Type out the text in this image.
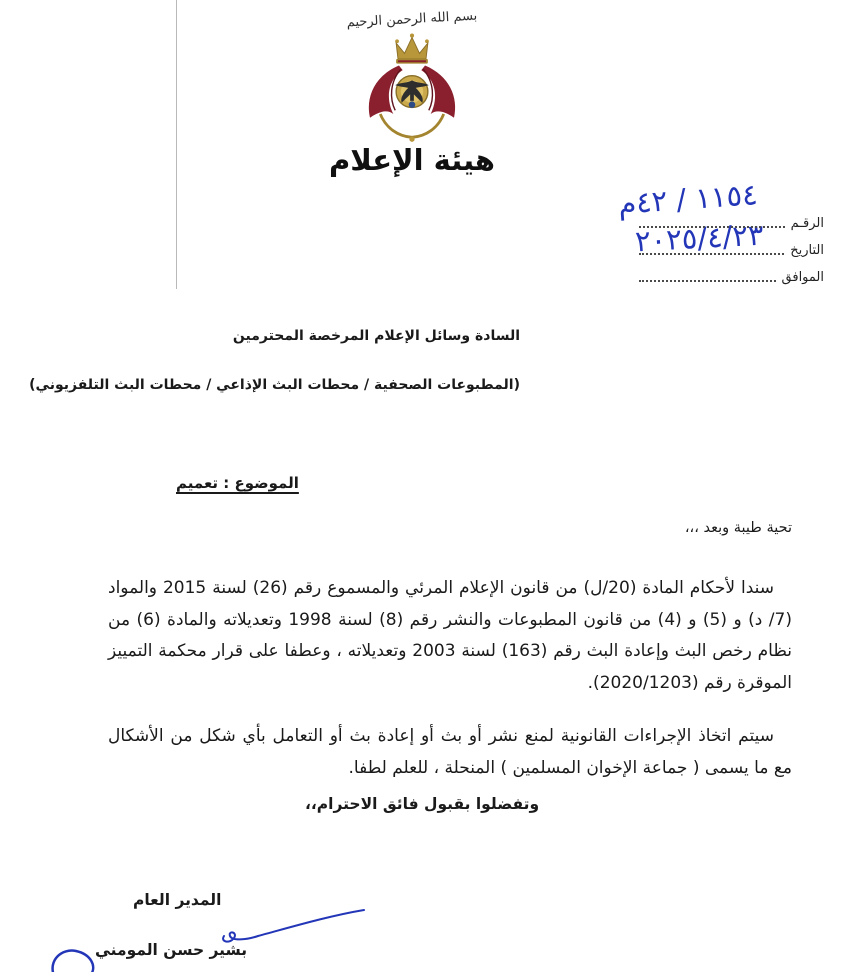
بسم الله الرحمن الرحيم
هيئة الإعلام
م٤٢ / ١١٥٤
٢٠٢٥/٤/٢٣ الرقـم
التاريخ
الموافق
السادة وسائل الإعلام المرخصة المحترمين
(المطبوعات الصحفية / محطات البث الإذاعي / محطات البث التلفزيوني)
الموضوع : تعميم
تحية طيبة وبعد ،،،

سندا لأحكام المادة (20/ل) من قانون الإعلام المرئي والمسموع رقم (26) لسنة 2015 والمواد (7/ د) و (5) و (4) من قانون المطبوعات والنشر رقم (8) لسنة 1998 وتعديلاته والمادة (6) من نظام رخص البث وإعادة البث رقم (163) لسنة 2003 وتعديلاته ، وعطفا على قرار محكمة التمييز الموقرة رقم (2020/1203).

سيتم اتخاذ الإجراءات القانونية لمنع نشر أو بث أو إعادة بث أو التعامل بأي شكل من الأشكال مع ما يسمى ( جماعة الإخوان المسلمين ) المنحلة ، للعلم لطفا.

وتفضلوا بقبول فائق الاحترام،،
المدير العام
بشير حسن المومني
